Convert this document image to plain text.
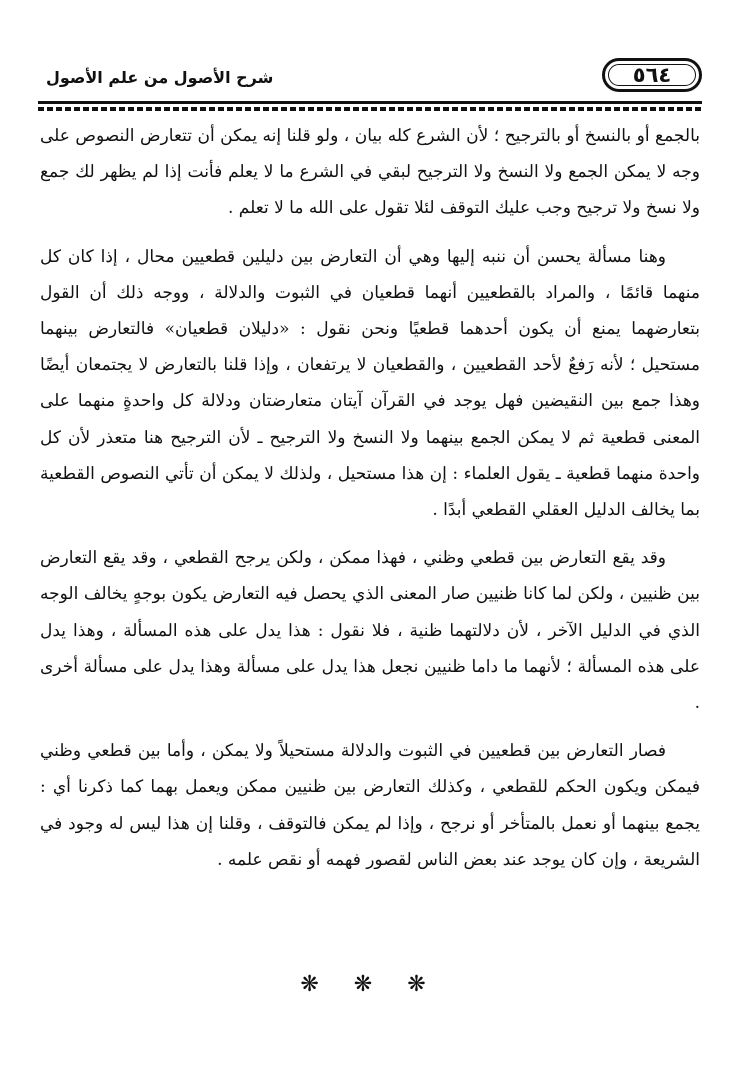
٥٦٤
شرح الأصول من علم الأصول

بالجمع أو بالنسخ أو بالترجيح ؛ لأن الشرع كله بيان ، ولو قلنا إنه يمكن أن تتعارض النصوص على وجه لا يمكن الجمع ولا النسخ ولا الترجيح لبقي في الشرع ما لا يعلم فأنت إذا لم يظهر لك جمع ولا نسخ ولا ترجيح وجب عليك التوقف لئلا تقول على الله ما لا تعلم .

وهنا مسألة يحسن أن ننبه إليها وهي أن التعارض بين دليلين قطعيين محال ، إذا كان كل منهما قائمًا ، والمراد بالقطعيين أنهما قطعيان في الثبوت والدلالة ، ووجه ذلك أن القول بتعارضهما يمنع أن يكون أحدهما قطعيًا ونحن نقول : «دليلان قطعيان» فالتعارض بينهما مستحيل ؛ لأنه رَفعٌ لأحد القطعيين ، والقطعيان لا يرتفعان ، وإذا قلنا بالتعارض لا يجتمعان أيضًا وهذا جمع بين النقيضين فهل يوجد في القرآن آيتان متعارضتان ودلالة كل واحدةٍ منهما على المعنى قطعية ثم لا يمكن الجمع بينهما ولا النسخ ولا الترجيح ـ لأن الترجيح هنا متعذر لأن كل واحدة منهما قطعية ـ يقول العلماء : إن هذا مستحيل ، ولذلك لا يمكن أن تأتي النصوص القطعية بما يخالف الدليل العقلي القطعي أبدًا .

وقد يقع التعارض بين قطعي وظني ، فهذا ممكن ، ولكن يرجح القطعي ، وقد يقع التعارض بين ظنيين ، ولكن لما كانا ظنيين صار المعنى الذي يحصل فيه التعارض يكون بوجهٍ يخالف الوجه الذي في الدليل الآخر ، لأن دلالتهما ظنية ، فلا نقول : هذا يدل على هذه المسألة ، وهذا يدل على هذه المسألة ؛ لأنهما ما داما ظنيين نجعل هذا يدل على مسألة وهذا يدل على مسألة أخرى .

فصار التعارض بين قطعيين في الثبوت والدلالة مستحيلاً ولا يمكن ، وأما بين قطعي وظني فيمكن ويكون الحكم للقطعي ، وكذلك التعارض بين ظنيين ممكن ويعمل بهما كما ذكرنا أي : يجمع بينهما أو نعمل بالمتأخر أو نرجح ، وإذا لم يمكن فالتوقف ، وقلنا إن هذا ليس له وجود في الشريعة ، وإن كان يوجد عند بعض الناس لقصور فهمه أو نقص علمه .

❋ ❋ ❋
